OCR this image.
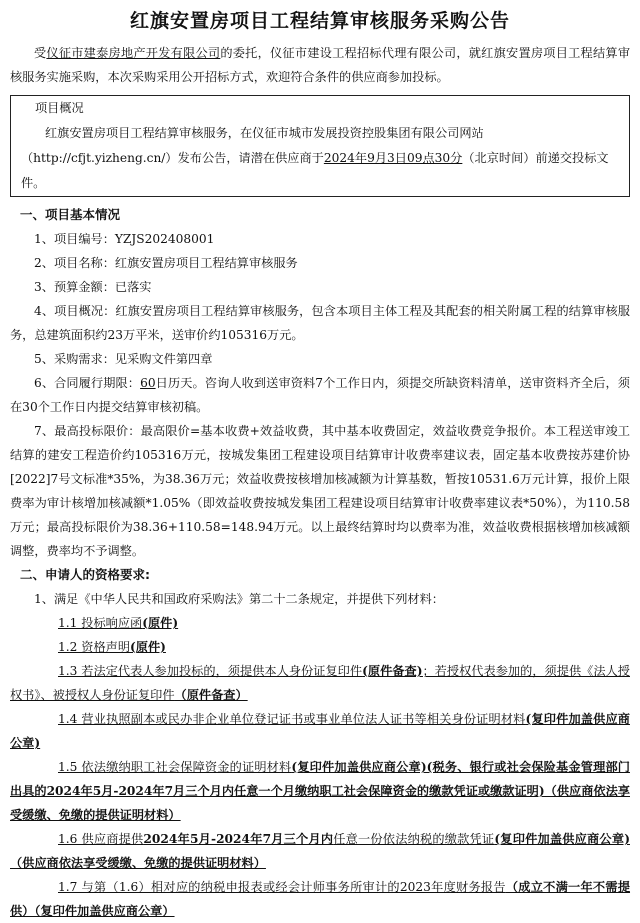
红旗安置房项目工程结算审核服务采购公告

受仪征市建泰房地产开发有限公司的委托，仪征市建设工程招标代理有限公司，就红旗安置房项目工程结算审核服务实施采购，本次采购采用公开招标方式，欢迎符合条件的供应商参加投标。

项目概况
红旗安置房项目工程结算审核服务，在仪征市城市发展投资控股集团有限公司网站（http://cfjt.yizheng.cn/）发布公告，请潜在供应商于2024年9月3日09点30分（北京时间）前递交投标文件。

一、项目基本情况

1、项目编号：YZJS202408001

2、项目名称：红旗安置房项目工程结算审核服务

3、预算金额：已落实

4、项目概况：红旗安置房项目工程结算审核服务，包含本项目主体工程及其配套的相关附属工程的结算审核服务，总建筑面积约23万平米，送审价约105316万元。

5、采购需求：见采购文件第四章

6、合同履行期限：60日历天。咨询人收到送审资料7个工作日内，须提交所缺资料清单，送审资料齐全后，须在30个工作日内提交结算审核初稿。

7、最高投标限价：最高限价=基本收费+效益收费，其中基本收费固定，效益收费竞争报价。本工程送审竣工结算的建安工程造价约105316万元，按城发集团工程建设项目结算审计收费率建议表，固定基本收费按苏建价协[2022]7号文标准*35%，为38.36万元；效益收费按核增加核减额为计算基数，暂按10531.6万元计算，报价上限费率为审计核增加核减额*1.05%（即效益收费按城发集团工程建设项目结算审计收费率建议表*50%），为110.58万元；最高投标限价为38.36+110.58=148.94万元。以上最终结算时均以费率为准，效益收费根据核增加核减额调整，费率均不予调整。

二、申请人的资格要求:

1、满足《中华人民共和国政府采购法》第二十二条规定，并提供下列材料：

1.1 投标响应函(原件)

1.2 资格声明(原件)

1.3 若法定代表人参加投标的，须提供本人身份证复印件(原件备查)；若授权代表参加的，须提供《法人授权书》、被授权人身份证复印件（原件备查）

1.4 营业执照副本或民办非企业单位登记证书或事业单位法人证书等相关身份证明材料(复印件加盖供应商公章)

1.5 依法缴纳职工社会保障资金的证明材料(复印件加盖供应商公章)(税务、银行或社会保险基金管理部门出具的2024年5月-2024年7月三个月内任意一个月缴纳职工社会保障资金的缴款凭证或缴款证明)（供应商依法享受缓缴、免缴的提供证明材料）

1.6 供应商提供2024年5月-2024年7月三个月内任意一份依法纳税的缴款凭证(复印件加盖供应商公章)（供应商依法享受缓缴、免缴的提供证明材料）

1.7 与第（1.6）相对应的纳税申报表或经会计师事务所审计的2023年度财务报告（成立不满一年不需提供）（复印件加盖供应商公章）
